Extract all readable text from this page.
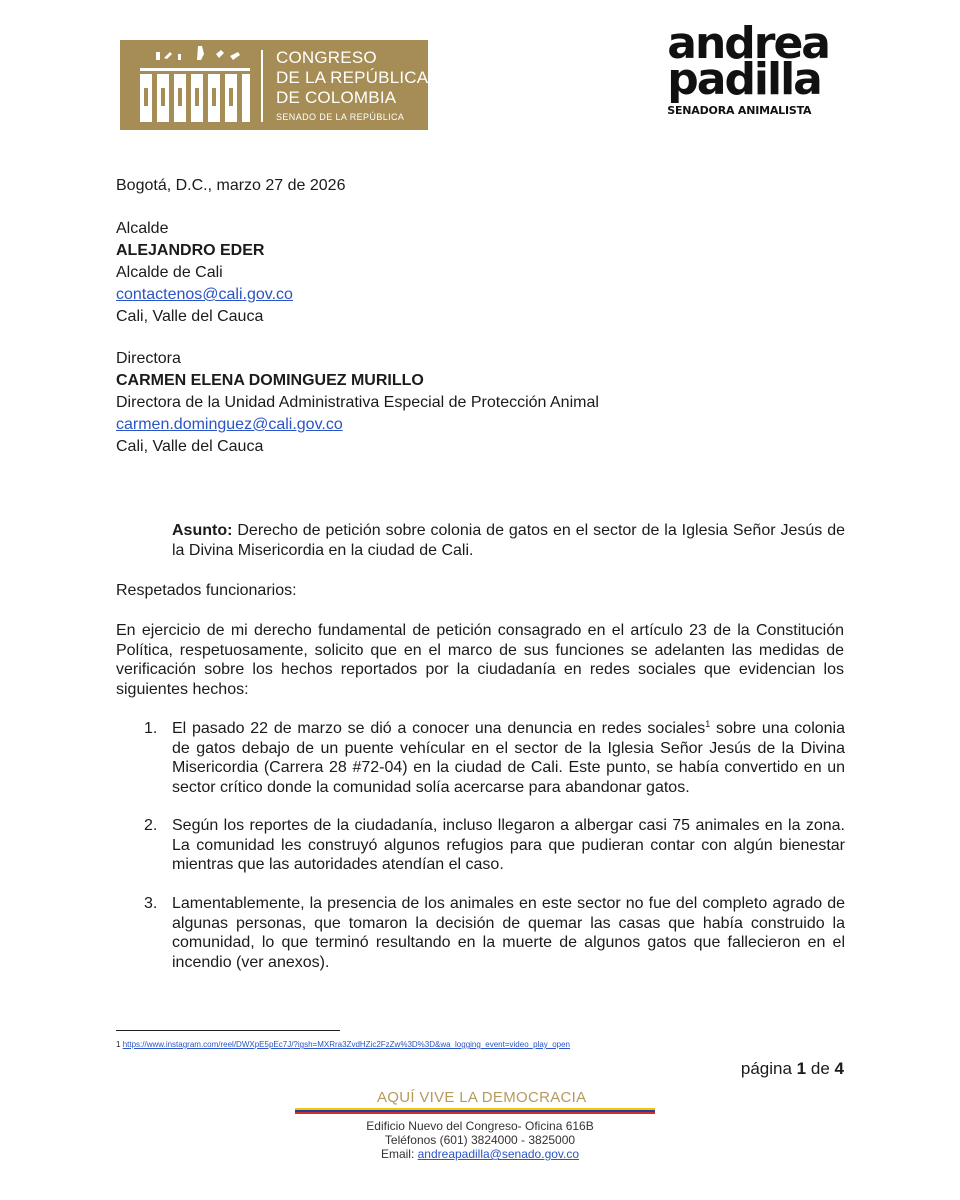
CONGRESO
DE LA REPÚBLICA
DE COLOMBIA
SENADO DE LA REPÚBLICA
andrea
padilla
SENADORA ANIMALISTA
Bogotá, D.C., marzo 27 de 2026
Alcalde
ALEJANDRO EDER
Alcalde de Cali
contactenos@cali.gov.co
Cali, Valle del Cauca
Directora
CARMEN ELENA DOMINGUEZ MURILLO
Directora de la Unidad Administrativa Especial de Protección Animal
carmen.dominguez@cali.gov.co
Cali, Valle del Cauca
Asunto: Derecho de petición sobre colonia de gatos en el sector de la Iglesia Señor Jesús de la Divina Misericordia en la ciudad de Cali.
Respetados funcionarios:
En ejercicio de mi derecho fundamental de petición consagrado en el artículo 23 de la Constitución Política, respetuosamente, solicito que en el marco de sus funciones se adelanten las medidas de verificación sobre los hechos reportados por la ciudadanía en redes sociales que evidencian los siguientes hechos:
1. El pasado 22 de marzo se dió a conocer una denuncia en redes sociales$^1$ sobre una colonia de gatos debajo de un puente vehícular en el sector de la Iglesia Señor Jesús de la Divina Misericordia (Carrera 28 #72-04) en la ciudad de Cali. Este punto, se había convertido en un sector crítico donde la comunidad solía acercarse para abandonar gatos.
2. Según los reportes de la ciudadanía, incluso llegaron a albergar casi 75 animales en la zona. La comunidad les construyó algunos refugios para que pudieran contar con algún bienestar mientras que las autoridades atendían el caso.
3. Lamentablemente, la presencia de los animales en este sector no fue del completo agrado de algunas personas, que tomaron la decisión de quemar las casas que había construido la comunidad, lo que terminó resultando en la muerte de algunos gatos que fallecieron en el incendio (ver anexos).
1 https://www.instagram.com/reel/DWXpE5pEc7J/?igsh=MXRra3ZvdHZic2FzZw%3D%3D&wa_logging_event=video_play_open
página 1 de 4
AQUÍ VIVE LA DEMOCRACIA
Edificio Nuevo del Congreso- Oficina 616B
Teléfonos (601) 3824000 - 3825000
Email: andreapadilla@senado.gov.co
